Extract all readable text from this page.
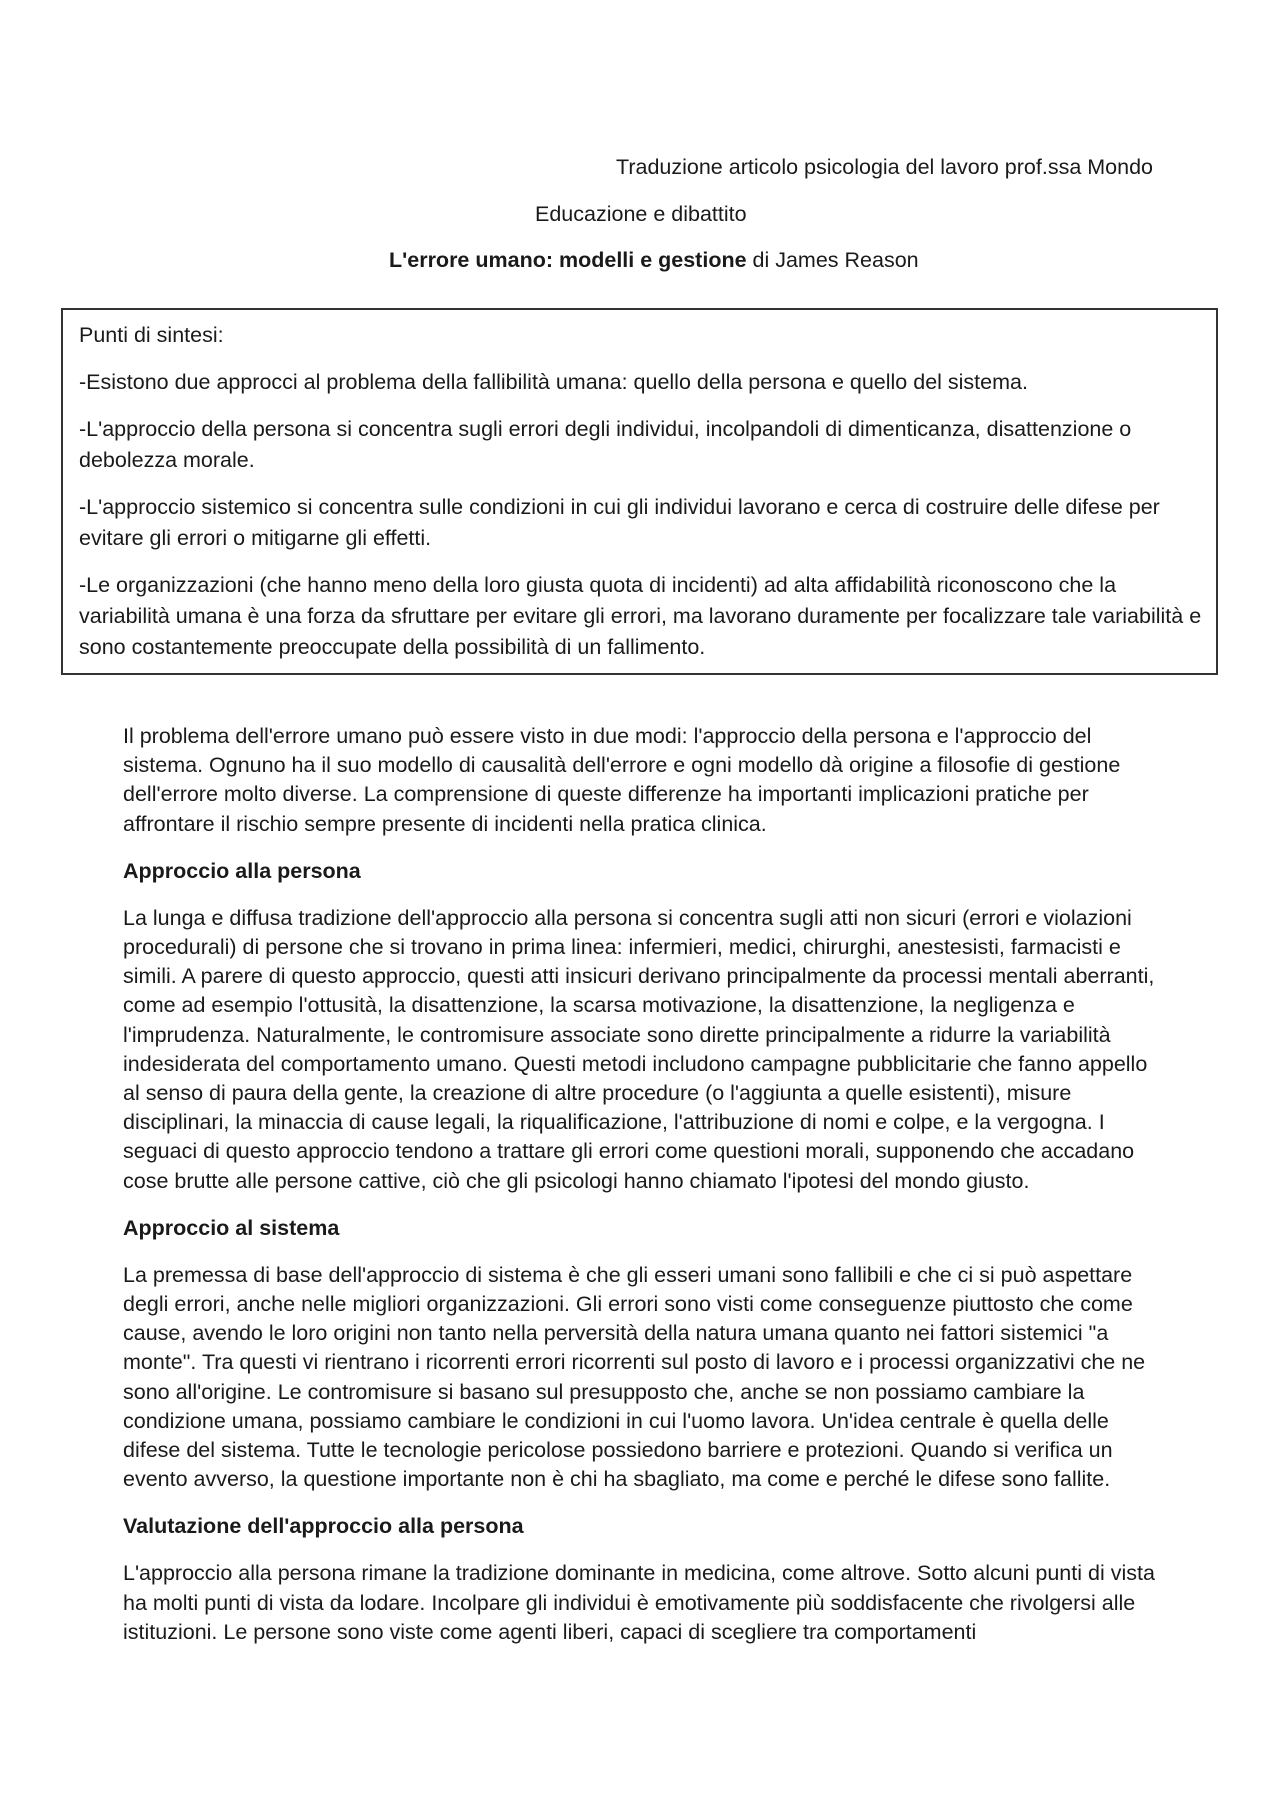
Traduzione articolo psicologia del lavoro prof.ssa Mondo
Educazione e dibattito
L'errore umano: modelli e gestione di James Reason

Punti di sintesi:

-Esistono due approcci al problema della fallibilità umana: quello della persona e quello del sistema.

-L'approccio della persona si concentra sugli errori degli individui, incolpandoli di dimenticanza, disattenzione o debolezza morale.

-L'approccio sistemico si concentra sulle condizioni in cui gli individui lavorano e cerca di costruire delle difese per evitare gli errori o mitigarne gli effetti.

-Le organizzazioni (che hanno meno della loro giusta quota di incidenti) ad alta affidabilità riconoscono che la variabilità umana è una forza da sfruttare per evitare gli errori, ma lavorano duramente per focalizzare tale variabilità e sono costantemente preoccupate della possibilità di un fallimento.

Il problema dell'errore umano può essere visto in due modi: l'approccio della persona e l'approccio del sistema. Ognuno ha il suo modello di causalità dell'errore e ogni modello dà origine a filosofie di gestione dell'errore molto diverse. La comprensione di queste differenze ha importanti implicazioni pratiche per affrontare il rischio sempre presente di incidenti nella pratica clinica.

Approccio alla persona

La lunga e diffusa tradizione dell'approccio alla persona si concentra sugli atti non sicuri (errori e violazioni procedurali) di persone che si trovano in prima linea: infermieri, medici, chirurghi, anestesisti, farmacisti e simili. A parere di questo approccio, questi atti insicuri derivano principalmente da processi mentali aberranti, come ad esempio l'ottusità, la disattenzione, la scarsa motivazione, la disattenzione, la negligenza e l'imprudenza. Naturalmente, le contromisure associate sono dirette principalmente a ridurre la variabilità indesiderata del comportamento umano. Questi metodi includono campagne pubblicitarie che fanno appello al senso di paura della gente, la creazione di altre procedure (o l'aggiunta a quelle esistenti), misure disciplinari, la minaccia di cause legali, la riqualificazione, l'attribuzione di nomi e colpe, e la vergogna. I seguaci di questo approccio tendono a trattare gli errori come questioni morali, supponendo che accadano cose brutte alle persone cattive, ciò che gli psicologi hanno chiamato l'ipotesi del mondo giusto.

Approccio al sistema

La premessa di base dell'approccio di sistema è che gli esseri umani sono fallibili e che ci si può aspettare degli errori, anche nelle migliori organizzazioni. Gli errori sono visti come conseguenze piuttosto che come cause, avendo le loro origini non tanto nella perversità della natura umana quanto nei fattori sistemici "a monte". Tra questi vi rientrano i ricorrenti errori ricorrenti sul posto di lavoro e i processi organizzativi che ne sono all'origine. Le contromisure si basano sul presupposto che, anche se non possiamo cambiare la condizione umana, possiamo cambiare le condizioni in cui l'uomo lavora. Un'idea centrale è quella delle difese del sistema. Tutte le tecnologie pericolose possiedono barriere e protezioni. Quando si verifica un evento avverso, la questione importante non è chi ha sbagliato, ma come e perché le difese sono fallite.

Valutazione dell'approccio alla persona

L'approccio alla persona rimane la tradizione dominante in medicina, come altrove. Sotto alcuni punti di vista ha molti punti di vista da lodare. Incolpare gli individui è emotivamente più soddisfacente che rivolgersi alle istituzioni. Le persone sono viste come agenti liberi, capaci di scegliere tra comportamenti
